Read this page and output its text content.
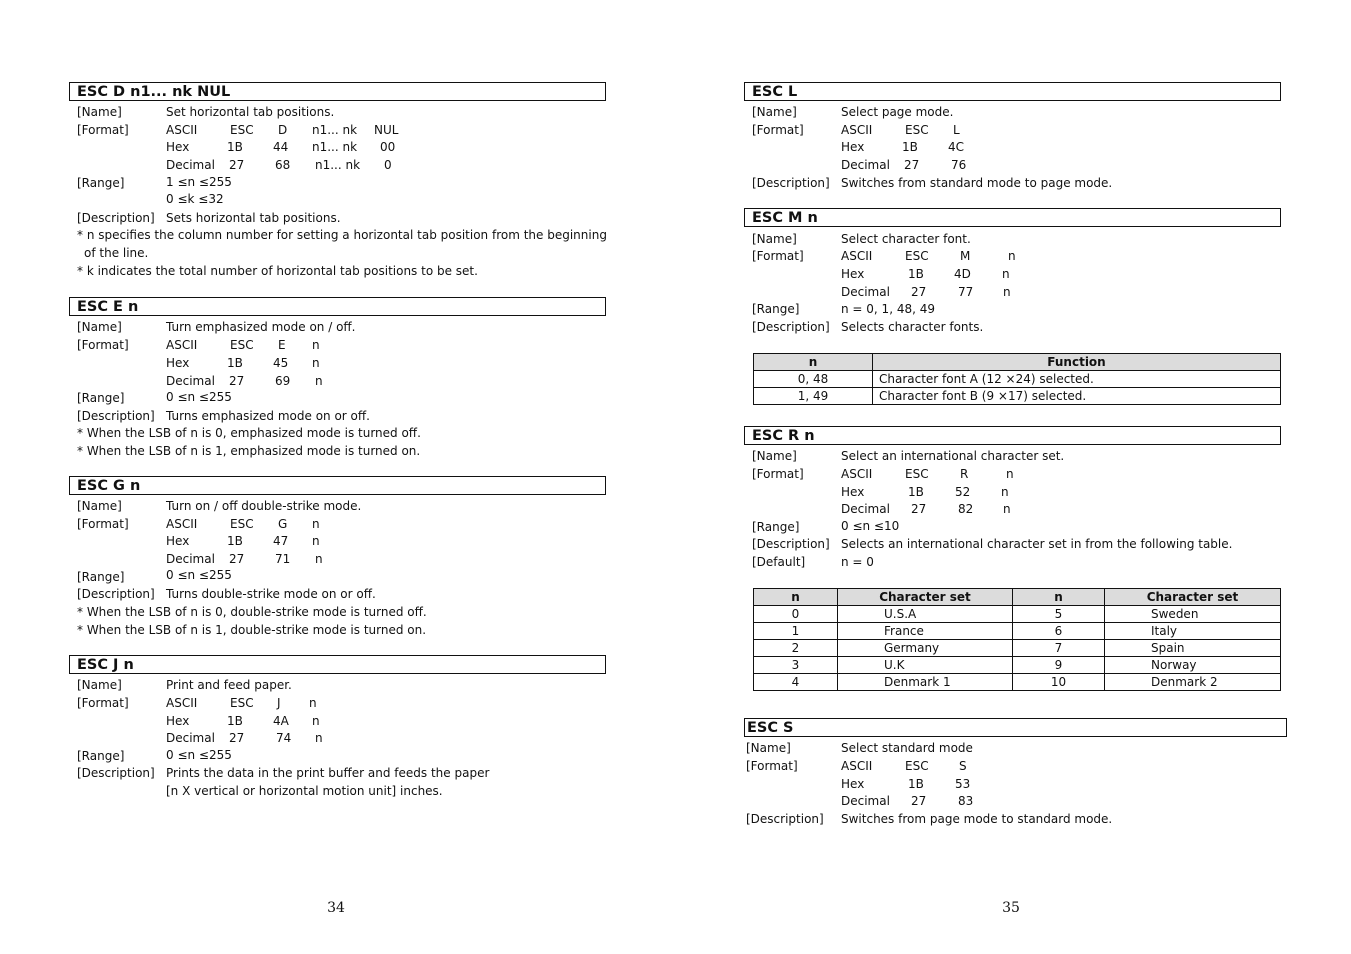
ESC D n1... nk NUL
[Name]	Set horizontal tab positions.
[Format]	ASCII	ESC D n1... nk NUL
Hex	1B	44 n1... nk 00
Decimal 27	68 n1... nk 0
[Range]	1 ≤n ≤255
0 ≤k ≤32
[Description] Sets horizontal tab positions.
* n specifies the column number for setting a horizontal tab position from the beginning
of the line.
* k indicates the total number of horizontal tab positions to be set.
ESC E n
[Name]	Turn emphasized mode on / off.
[Format]	ASCII	ESC E n
Hex	1B	45 n
Decimal 27	69 n
[Range]	0 ≤n ≤255
[Description] Turns emphasized mode on or off.
* When the LSB of n is 0, emphasized mode is turned off.
* When the LSB of n is 1, emphasized mode is turned on.
ESC G n
[Name]	Turn on / off double-strike mode.
[Format]	ASCII	ESC G n
Hex	1B	47 n
Decimal 27	71 n
[Range]	0 ≤n ≤255
[Description] Turns double-strike mode on or off.
* When the LSB of n is 0, double-strike mode is turned off.
* When the LSB of n is 1, double-strike mode is turned on.
ESC J n
[Name]	Print and feed paper.
[Format]	ASCII	ESC J n
Hex	1B	4A n
Decimal 27	74 n
[Range]	0 ≤n ≤255
[Description] Prints the data in the print buffer and feeds the paper
[n X vertical or horizontal motion unit] inches.
34
ESC L
[Name]	Select page mode.
[Format]	ASCII	ESC L
Hex	1B	4C
Decimal 27	76
[Description] Switches from standard mode to page mode.
ESC M n
[Name]	Select character font.
[Format]	ASCII	ESC	M	n
Hex	1B	4D	n
Decimal 27	77 n
[Range]	n = 0, 1, 48, 49
[Description] Selects character fonts.
n	Function
0, 48	Character font A (12 ×24) selected.
1, 49	Character font B (9 ×17) selected.
ESC R n
[Name]	Select an international character set.
[Format]	ASCII	ESC	R	n
Hex	1B	52	n
Decimal 27	82 n
[Range]	0 ≤n ≤10
[Description] Selects an international character set in from the following table.
[Default]	n = 0
n	Character set	n	Character set
0	U.S.A	5	Sweden
1	France	6	Italy
2	Germany	7	Spain
3	U.K	9	Norway
4	Denmark 1	10	Denmark 2
ESC S
[Name]	Select standard mode
[Format]	ASCII	ESC	S
Hex	1B	53
Decimal 27	83
[Description] Switches from page mode to standard mode.
35
